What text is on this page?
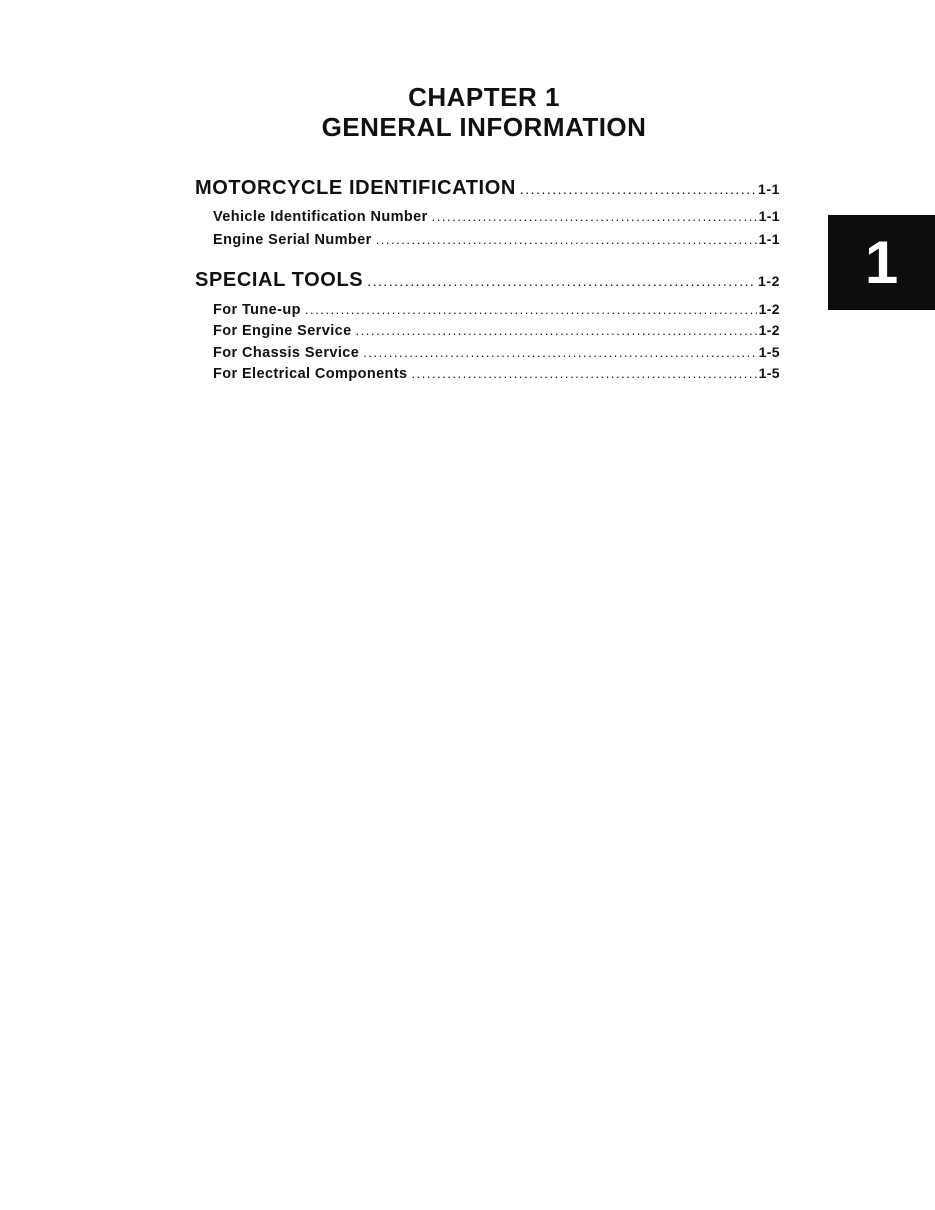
CHAPTER 1
GENERAL INFORMATION
MOTORCYCLE IDENTIFICATION .....	1-1
Vehicle Identification Number .....	1-1
Engine Serial Number .....	1-1
SPECIAL TOOLS .....	1-2
For Tune-up .....	1-2
For Engine Service .....	1-2
For Chassis Service .....	1-5
For Electrical Components .....	1-5
1
